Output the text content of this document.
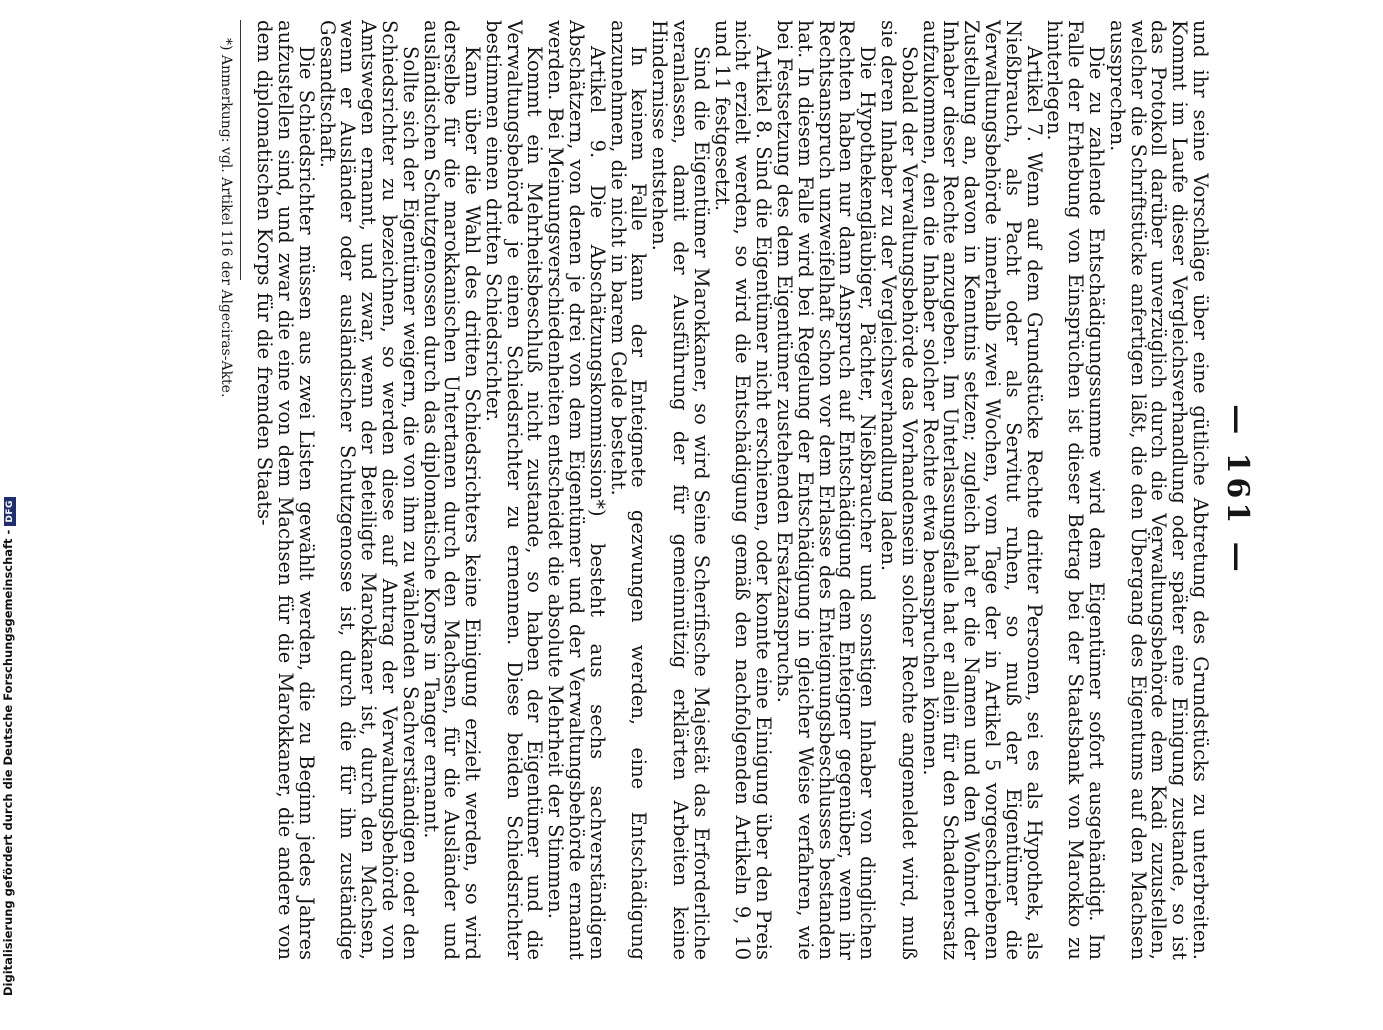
— 161 —

und ihr seine Vorschläge über eine gütliche Abtretung des Grundstücks zu unterbreiten. Kommt im Laufe dieser Vergleichsverhandlung oder später eine Einigung zustande, so ist das Protokoll darüber unverzüglich durch die Verwaltungsbehörde dem Kadi zuzustellen, welcher die Schriftstücke anfertigen läßt, die den Übergang des Eigentums auf den Machsen aussprechen.

Die zu zahlende Entschädigungssumme wird dem Eigentümer sofort ausgehändigt. Im Falle der Erhebung von Einsprüchen ist dieser Betrag bei der Staatsbank von Marokko zu hinterlegen.

Artikel 7. Wenn auf dem Grundstücke Rechte dritter Personen, sei es als Hypothek, als Nießbrauch, als Pacht oder als Servitut ruhen, so muß der Eigentümer die Verwaltungsbehörde innerhalb zwei Wochen, vom Tage der in Artikel 5 vorgeschriebenen Zustellung an, davon in Kenntnis setzen; zugleich hat er die Namen und den Wohnort der Inhaber dieser Rechte anzugeben. Im Unterlassungsfalle hat er allein für den Schadenersatz aufzukommen, den die Inhaber solcher Rechte etwa beanspruchen können.

Sobald der Verwaltungsbehörde das Vorhandensein solcher Rechte angemeldet wird, muß sie deren Inhaber zu der Vergleichsverhandlung laden.

Die Hypothekengläubiger, Pächter, Nießbraucher und sonstigen Inhaber von dinglichen Rechten haben nur dann Anspruch auf Entschädigung dem Enteigner gegenüber, wenn ihr Rechtsanspruch unzweifelhaft schon vor dem Erlasse des Enteignungsbeschlusses bestanden hat. In diesem Falle wird bei Regelung der Entschädigung in gleicher Weise verfahren, wie bei Festsetzung des dem Eigentümer zustehenden Ersatzanspruchs.

Artikel 8. Sind die Eigentümer nicht erschienen, oder konnte eine Einigung über den Preis nicht erzielt werden, so wird die Entschädigung gemäß den nachfolgenden Artikeln 9, 10 und 11 festgesetzt.

Sind die Eigentümer Marokkaner, so wird Seine Scherifische Majestät das Erforderliche veranlassen, damit der Ausführung der für gemeinnützig erklärten Arbeiten keine Hindernisse entstehen.

In keinem Falle kann der Enteignete gezwungen werden, eine Entschädigung anzunehmen, die nicht in barem Gelde besteht.

Artikel 9. Die Abschätzungskommission*) besteht aus sechs sachverständigen Abschätzern, von denen je drei von dem Eigentümer und der Verwaltungsbehörde ernannt werden. Bei Meinungsverschiedenheiten entscheidet die absolute Mehrheit der Stimmen.

Kommt ein Mehrheitsbeschluß nicht zustande, so haben der Eigentümer und die Verwaltungsbehörde je einen Schiedsrichter zu ernennen. Diese beiden Schiedsrichter bestimmen einen dritten Schiedsrichter.

Kann über die Wahl des dritten Schiedsrichters keine Einigung erzielt werden, so wird derselbe für die marokkanischen Untertanen durch den Machsen, für die Ausländer und ausländischen Schutzgenossen durch das diplomatische Korps in Tanger ernannt.

Sollte sich der Eigentümer weigern, die von ihm zu wählenden Sachverständigen oder den Schiedsrichter zu bezeichnen, so werden diese auf Antrag der Verwaltungsbehörde von Amtswegen ernannt, und zwar, wenn der Beteiligte Marokkaner ist, durch den Machsen, wenn er Ausländer oder ausländischer Schutzgenosse ist, durch die für ihn zuständige Gesandtschaft.

Die Schiedsrichter müssen aus zwei Listen gewählt werden, die zu Beginn jedes Jahres aufzustellen sind, und zwar die eine von dem Machsen für die Marokkaner, die andere von dem diplomatischen Korps für die fremden Staats-

*) Anmerkung: vgl. Artikel 116 der Algeciras-Akte.
Digitalisierung gefördert durch die Deutsche Forschungsgemeinschaft -DFG
